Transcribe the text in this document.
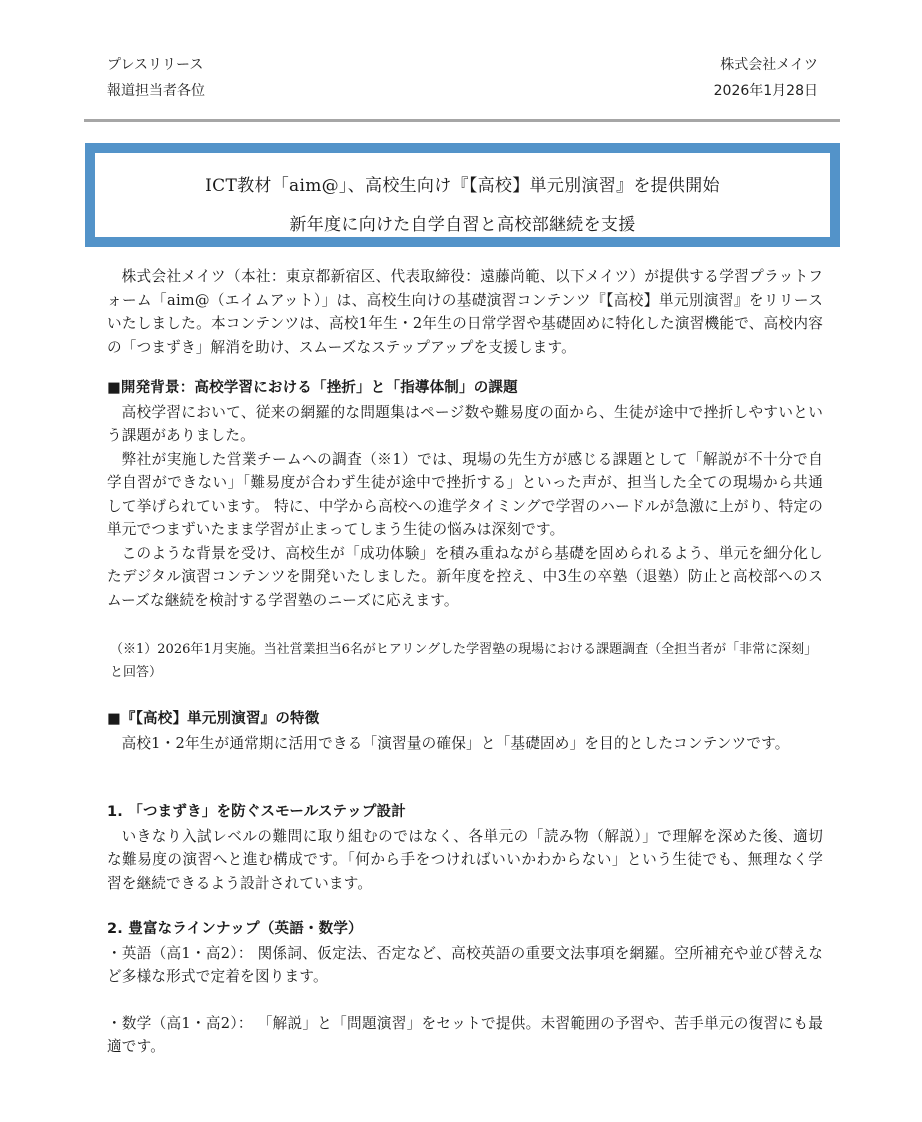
プレスリリース
報道担当者各位
株式会社メイツ
2026年1月28日
ICT教材「aim@」、高校生向け『【高校】単元別演習』を提供開始
新年度に向けた自学自習と高校部継続を支援

株式会社メイツ（本社：東京都新宿区、代表取締役：遠藤尚範、以下メイツ）が提供する学習プラットフォーム「aim@（エイムアット）」は、高校生向けの基礎演習コンテンツ『【高校】単元別演習』をリリースいたしました。本コンテンツは、高校1年生・2年生の日常学習や基礎固めに特化した演習機能で、高校内容の「つまずき」解消を助け、スムーズなステップアップを支援します。

■開発背景：高校学習における「挫折」と「指導体制」の課題

高校学習において、従来の網羅的な問題集はページ数や難易度の面から、生徒が途中で挫折しやすいという課題がありました。

弊社が実施した営業チームへの調査（※1）では、現場の先生方が感じる課題として「解説が不十分で自学自習ができない」「難易度が合わず生徒が途中で挫折する」といった声が、担当した全ての現場から共通して挙げられています。 特に、中学から高校への進学タイミングで学習のハードルが急激に上がり、特定の単元でつまずいたまま学習が止まってしまう生徒の悩みは深刻です。

このような背景を受け、高校生が「成功体験」を積み重ねながら基礎を固められるよう、単元を細分化したデジタル演習コンテンツを開発いたしました。新年度を控え、中3生の卒塾（退塾）防止と高校部へのスムーズな継続を検討する学習塾のニーズに応えます。

（※1）2026年1月実施。当社営業担当6名がヒアリングした学習塾の現場における課題調査（全担当者が「非常に深刻」と回答）
■『【高校】単元別演習』の特徴

高校1・2年生が通常期に活用できる「演習量の確保」と「基礎固め」を目的としたコンテンツです。

1. 「つまずき」を防ぐスモールステップ設計

いきなり入試レベルの難問に取り組むのではなく、各単元の「読み物（解説）」で理解を深めた後、適切な難易度の演習へと進む構成です。「何から手をつければいいかわからない」という生徒でも、無理なく学習を継続できるよう設計されています。

2. 豊富なラインナップ（英語・数学）

・英語（高1・高2）： 関係詞、仮定法、否定など、高校英語の重要文法事項を網羅。空所補充や並び替えなど多様な形式で定着を図ります。

・数学（高1・高2）： 「解説」と「問題演習」をセットで提供。未習範囲の予習や、苦手単元の復習にも最適です。
